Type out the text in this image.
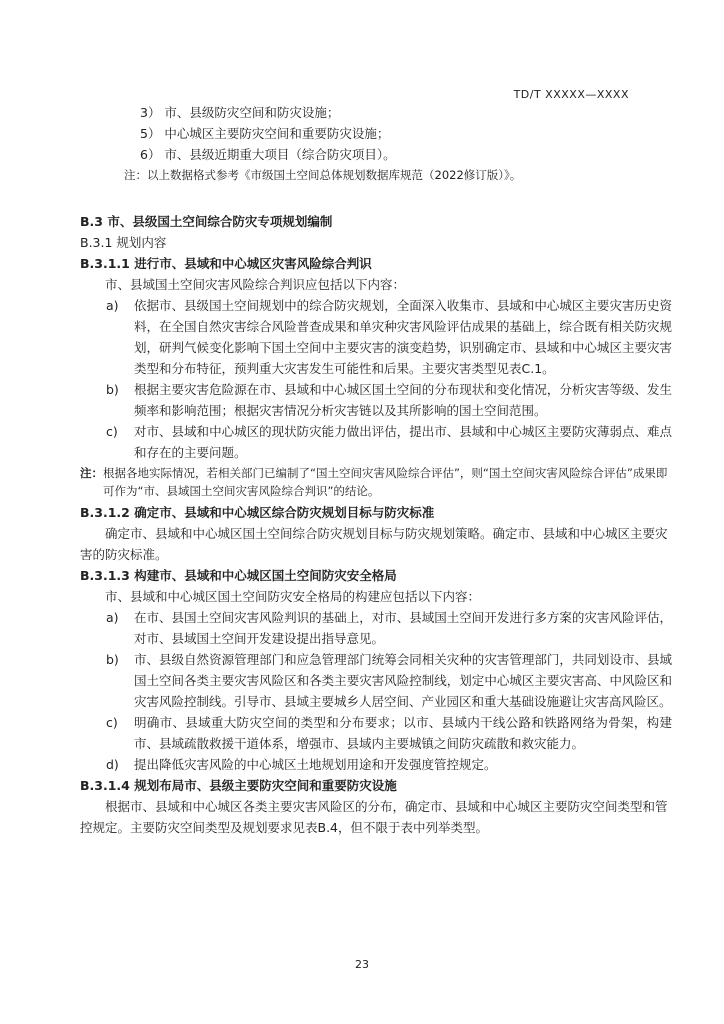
TD/T XXXXX—XXXX

3） 市、县级防灾空间和防灾设施；

5） 中心城区主要防灾空间和重要防灾设施；

6） 市、县级近期重大项目（综合防灾项目）。

注：以上数据格式参考《市级国土空间总体规划数据库规范（2022修订版）》。

B.3 市、县级国土空间综合防灾专项规划编制

B.3.1 规划内容

B.3.1.1 进行市、县域和中心城区灾害风险综合判识

市、县域国土空间灾害风险综合判识应包括以下内容：

a)	依据市、县级国土空间规划中的综合防灾规划，全面深入收集市、县域和中心城区主要灾害历史资料，在全国自然灾害综合风险普查成果和单灾种灾害风险评估成果的基础上，综合既有相关防灾规划，研判气候变化影响下国土空间中主要灾害的演变趋势，识别确定市、县域和中心城区主要灾害类型和分布特征，预判重大灾害发生可能性和后果。主要灾害类型见表C.1。
b)	根据主要灾害危险源在市、县域和中心城区国土空间的分布现状和变化情况，分析灾害等级、发生频率和影响范围；根据灾害情况分析灾害链以及其所影响的国土空间范围。
c)	对市、县域和中心城区的现状防灾能力做出评估，提出市、县域和中心城区主要防灾薄弱点、难点和存在的主要问题。
注： 根据各地实际情况，若相关部门已编制了“国土空间灾害风险综合评估”，则“国土空间灾害风险综合评估”成果即可作为“市、县域国土空间灾害风险综合判识”的结论。

B.3.1.2 确定市、县域和中心城区综合防灾规划目标与防灾标准

确定市、县域和中心城区国土空间综合防灾规划目标与防灾规划策略。确定市、县域和中心城区主要灾害的防灾标准。

B.3.1.3 构建市、县域和中心城区国土空间防灾安全格局

市、县域和中心城区国土空间防灾安全格局的构建应包括以下内容：

a)	在市、县国土空间灾害风险判识的基础上，对市、县域国土空间开发进行多方案的灾害风险评估，对市、县域国土空间开发建设提出指导意见。
b)	市、县级自然资源管理部门和应急管理部门统筹会同相关灾种的灾害管理部门，共同划设市、县域国土空间各类主要灾害风险区和各类主要灾害风险控制线，划定中心城区主要灾害高、中风险区和灾害风险控制线。引导市、县域主要城乡人居空间、产业园区和重大基础设施避让灾害高风险区。
c)	明确市、县域重大防灾空间的类型和分布要求；以市、县域内干线公路和铁路网络为骨架，构建市、县域疏散救援干道体系，增强市、县域内主要城镇之间防灾疏散和救灾能力。
d)	提出降低灾害风险的中心城区土地规划用途和开发强度管控规定。

B.3.1.4 规划布局市、县级主要防灾空间和重要防灾设施

根据市、县域和中心城区各类主要灾害风险区的分布，确定市、县域和中心城区主要防灾空间类型和管控规定。主要防灾空间类型及规划要求见表B.4，但不限于表中列举类型。

23
